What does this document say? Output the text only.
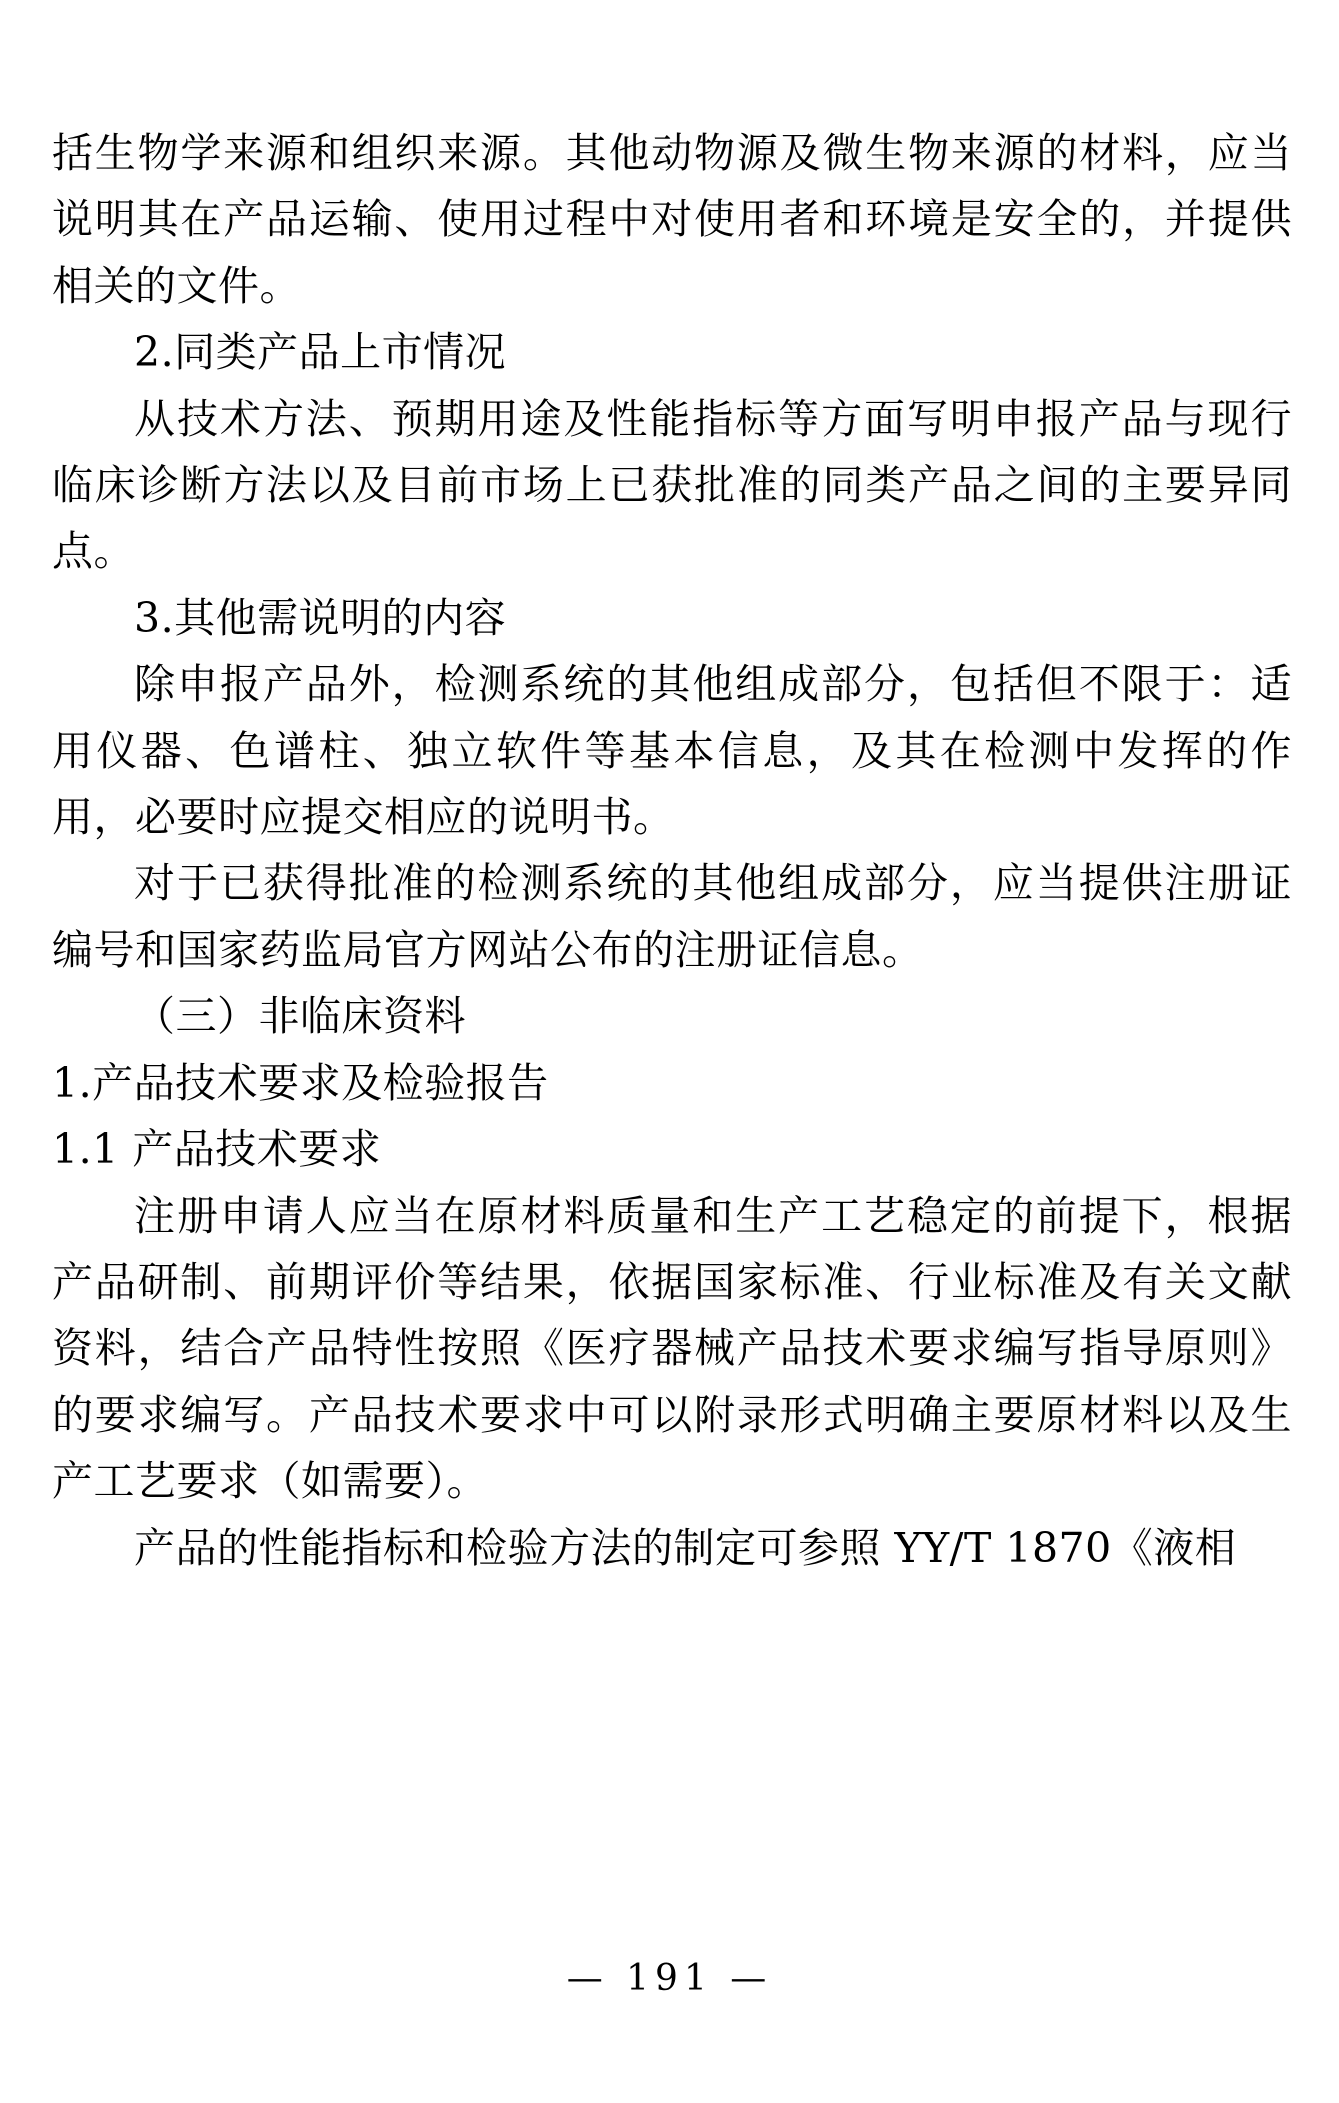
括生物学来源和组织来源。其他动物源及微生物来源的材料，应当说明其在产品运输、使用过程中对使用者和环境是安全的，并提供相关的文件。

2.同类产品上市情况

从技术方法、预期用途及性能指标等方面写明申报产品与现行临床诊断方法以及目前市场上已获批准的同类产品之间的主要异同点。

3.其他需说明的内容

除申报产品外，检测系统的其他组成部分，包括但不限于：适用仪器、色谱柱、独立软件等基本信息，及其在检测中发挥的作用，必要时应提交相应的说明书。

对于已获得批准的检测系统的其他组成部分，应当提供注册证编号和国家药监局官方网站公布的注册证信息。

（三）非临床资料

1.产品技术要求及检验报告

1.1 产品技术要求

注册申请人应当在原材料质量和生产工艺稳定的前提下，根据产品研制、前期评价等结果，依据国家标准、行业标准及有关文献资料，结合产品特性按照《医疗器械产品技术要求编写指导原则》的要求编写。产品技术要求中可以附录形式明确主要原材料以及生产工艺要求（如需要）。

产品的性能指标和检验方法的制定可参照 YY/T 1870《液相

— 191 —
